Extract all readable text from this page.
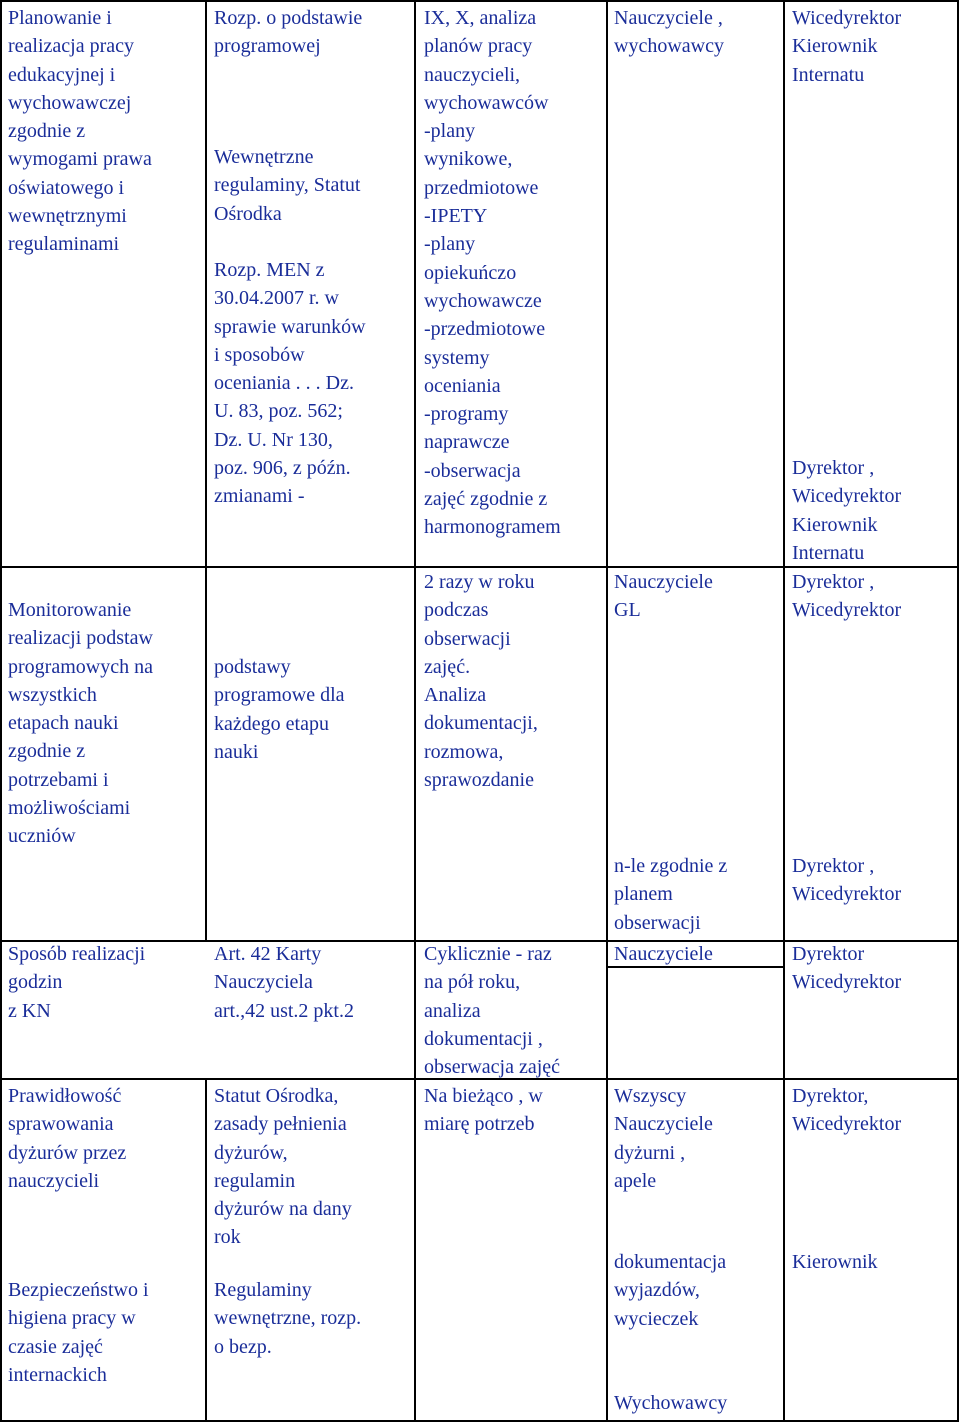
Planowanie i
realizacja pracy
edukacyjnej i
wychowawczej
zgodnie z
wymogami prawa
oświatowego i
wewnętrznymi
regulaminami
Rozp. o podstawie
programowej
Wewnętrzne
regulaminy, Statut
Ośrodka
Rozp. MEN z
30.04.2007 r. w
sprawie warunków
i sposobów
oceniania . . . Dz.
U. 83, poz. 562;
Dz. U. Nr 130,
poz. 906, z późn.
zmianami -
IX, X, analiza
planów pracy
nauczycieli,
wychowawców
-plany
wynikowe,
przedmiotowe
-IPETY
-plany
opiekuńczo
wychowawcze
-przedmiotowe
systemy
oceniania
-programy
naprawcze
-obserwacja
zajęć zgodnie z
harmonogramem
Nauczyciele ,
wychowawcy
Wicedyrektor
Kierownik
Internatu
Dyrektor ,
Wicedyrektor
Kierownik
Internatu
Monitorowanie
realizacji podstaw
programowych na
wszystkich
etapach nauki
zgodnie z
potrzebami i
możliwościami
uczniów
podstawy
programowe dla
każdego etapu
nauki
2 razy w roku
podczas
obserwacji
zajęć.
Analiza
dokumentacji,
rozmowa,
sprawozdanie
Nauczyciele
GL
n-le zgodnie z
planem
obserwacji
Dyrektor ,
Wicedyrektor
Dyrektor ,
Wicedyrektor
Sposób realizacji
godzin
z KN
Art. 42 Karty
Nauczyciela
art.,42 ust.2 pkt.2
Cyklicznie - raz
na pół roku,
analiza
dokumentacji ,
obserwacja zajęć
Nauczyciele	Dyrektor
Wicedyrektor
Prawidłowość
sprawowania
dyżurów przez
nauczycieli
Statut Ośrodka,
zasady pełnienia
dyżurów,
regulamin
dyżurów na dany
rok
Na bieżąco , w
miarę potrzeb
Wszyscy
Nauczyciele
dyżurni ,
apele
Dyrektor,
Wicedyrektor
Bezpieczeństwo i
higiena pracy w
czasie zajęć
internackich
Regulaminy
wewnętrzne, rozp.
o bezp.
dokumentacja
wyjazdów,
wycieczek
Wychowawcy
Kierownik
